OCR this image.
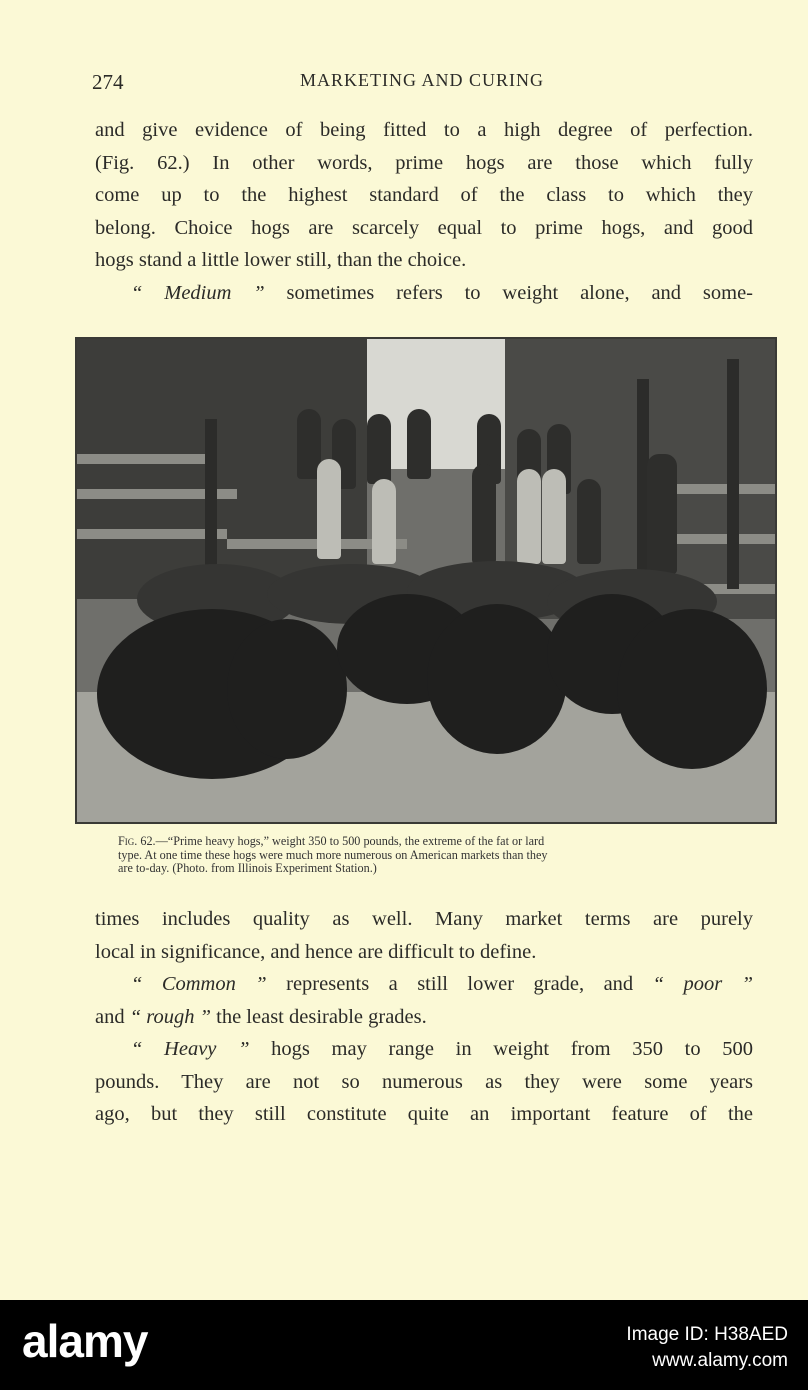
274	MARKETING AND CURING

and give evidence of being fitted to a high degree of perfection.

(Fig. 62.) In other words, prime hogs are those which fully

come up to the highest standard of the class to which they

belong. Choice hogs are scarcely equal to prime hogs, and good

hogs stand a little lower still, than the choice.

“ Medium ” sometimes refers to weight alone, and some-

Fig. 62.—“Prime heavy hogs,” weight 350 to 500 pounds, the extreme of the fat or lard

type. At one time these hogs were much more numerous on American markets than they

are to-day. (Photo. from Illinois Experiment Station.)

times includes quality as well. Many market terms are purely

local in significance, and hence are difficult to define.

“ Common ” represents a still lower grade, and “ poor ”

and “ rough ” the least desirable grades.

“ Heavy ” hogs may range in weight from 350 to 500

pounds. They are not so numerous as they were some years

ago, but they still constitute quite an important feature of the

alamy	Image ID: H38AED
www.alamy.com
